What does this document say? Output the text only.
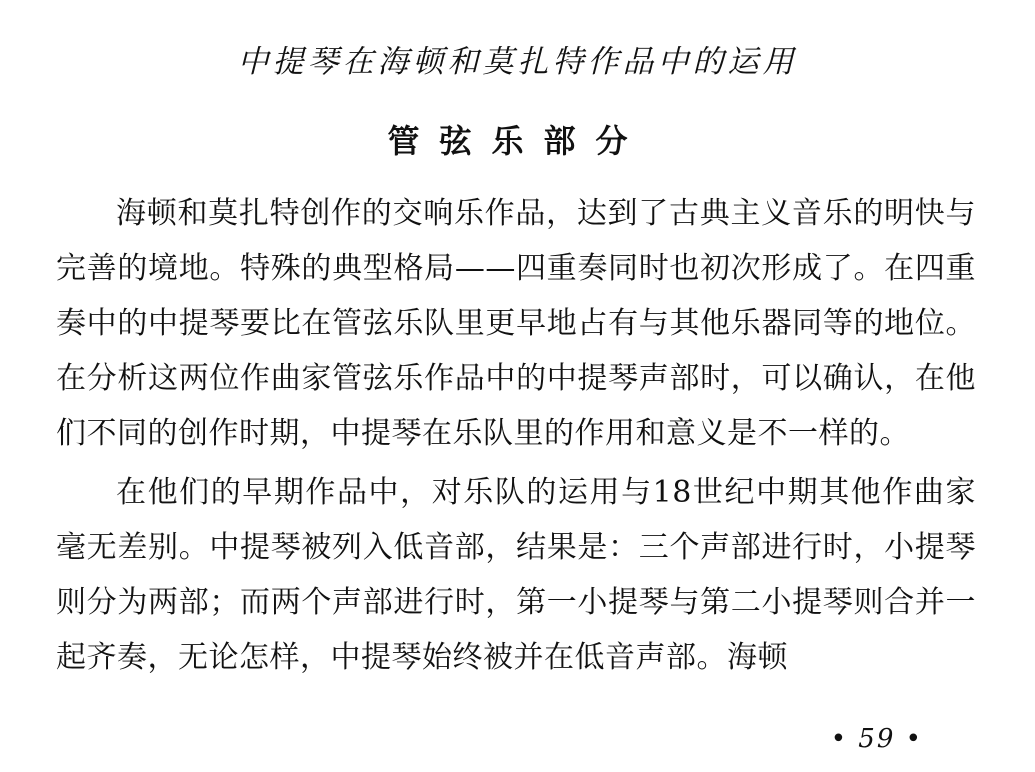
中提琴在海顿和莫扎特作品中的运用
管弦乐部分

海顿和莫扎特创作的交响乐作品，达到了古典主义音乐的明快与完善的境地。特殊的典型格局——四重奏同时也初次形成了。在四重奏中的中提琴要比在管弦乐队里更早地占有与其他乐器同等的地位。在分析这两位作曲家管弦乐作品中的中提琴声部时，可以确认，在他们不同的创作时期，中提琴在乐队里的作用和意义是不一样的。

在他们的早期作品中，对乐队的运用与18世纪中期其他作曲家毫无差别。中提琴被列入低音部，结果是：三个声部进行时，小提琴则分为两部；而两个声部进行时，第一小提琴与第二小提琴则合并一起齐奏，无论怎样，中提琴始终被并在低音声部。海顿

• 59 •
